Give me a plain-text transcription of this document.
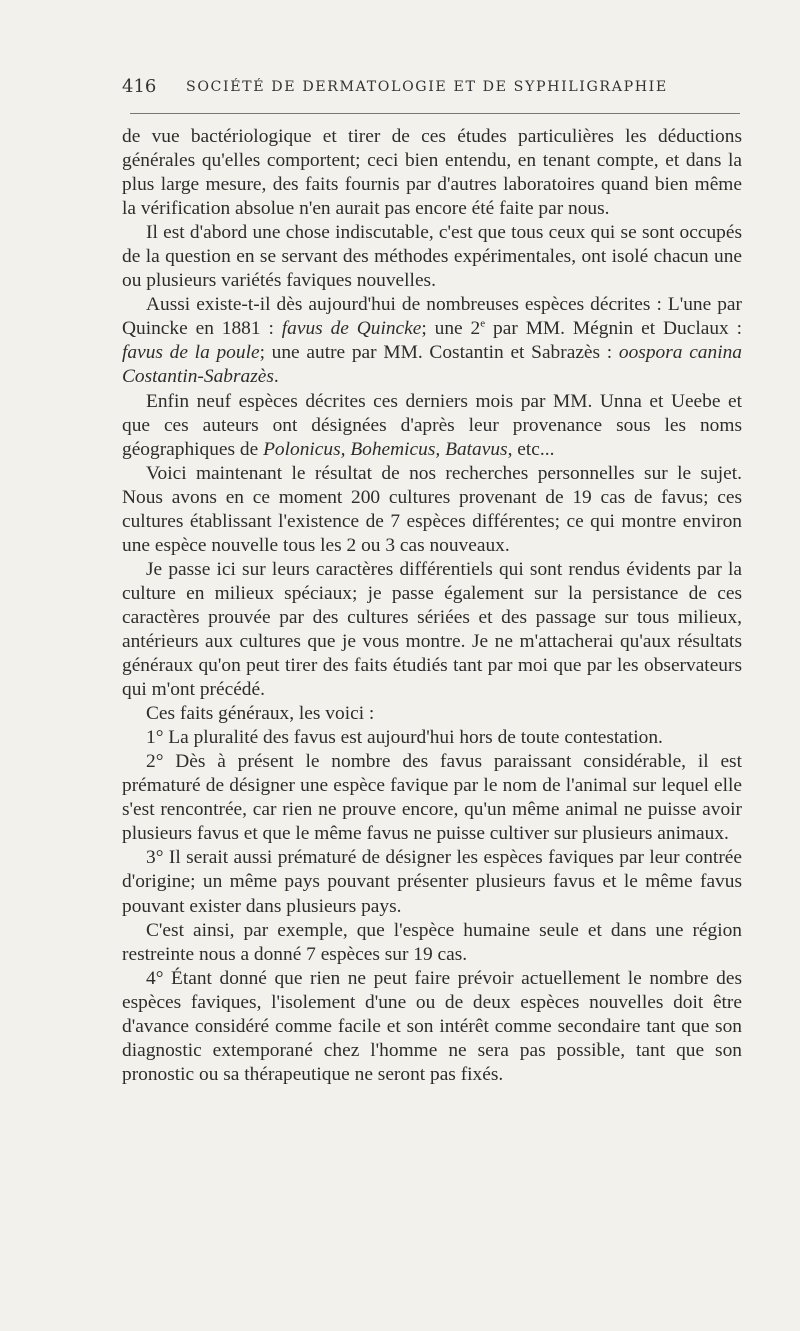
416 SOCIÉTÉ DE DERMATOLOGIE ET DE SYPHILIGRAPHIE

de vue bactériologique et tirer de ces études particulières les déductions générales qu'elles comportent; ceci bien entendu, en tenant compte, et dans la plus large mesure, des faits fournis par d'autres laboratoires quand bien même la vérification absolue n'en aurait pas encore été faite par nous.

Il est d'abord une chose indiscutable, c'est que tous ceux qui se sont occupés de la question en se servant des méthodes expérimentales, ont isolé chacun une ou plusieurs variétés faviques nouvelles.

Aussi existe-t-il dès aujourd'hui de nombreuses espèces décrites : L'une par Quincke en 1881 : favus de Quincke; une 2e par MM. Mégnin et Duclaux : favus de la poule; une autre par MM. Costantin et Sabrazès : oospora canina Costantin-Sabrazès.

Enfin neuf espèces décrites ces derniers mois par MM. Unna et Ueebe et que ces auteurs ont désignées d'après leur provenance sous les noms géographiques de Polonicus, Bohemicus, Batavus, etc...

Voici maintenant le résultat de nos recherches personnelles sur le sujet. Nous avons en ce moment 200 cultures provenant de 19 cas de favus; ces cultures établissant l'existence de 7 espèces différentes; ce qui montre environ une espèce nouvelle tous les 2 ou 3 cas nouveaux.

Je passe ici sur leurs caractères différentiels qui sont rendus évidents par la culture en milieux spéciaux; je passe également sur la persistance de ces caractères prouvée par des cultures sériées et des passage sur tous milieux, antérieurs aux cultures que je vous montre. Je ne m'attacherai qu'aux résultats généraux qu'on peut tirer des faits étudiés tant par moi que par les observateurs qui m'ont précédé.

Ces faits généraux, les voici :

1° La pluralité des favus est aujourd'hui hors de toute contestation.

2° Dès à présent le nombre des favus paraissant considérable, il est prématuré de désigner une espèce favique par le nom de l'animal sur lequel elle s'est rencontrée, car rien ne prouve encore, qu'un même animal ne puisse avoir plusieurs favus et que le même favus ne puisse cultiver sur plusieurs animaux.

3° Il serait aussi prématuré de désigner les espèces faviques par leur contrée d'origine; un même pays pouvant présenter plusieurs favus et le même favus pouvant exister dans plusieurs pays.

C'est ainsi, par exemple, que l'espèce humaine seule et dans une région restreinte nous a donné 7 espèces sur 19 cas.

4° Étant donné que rien ne peut faire prévoir actuellement le nombre des espèces faviques, l'isolement d'une ou de deux espèces nouvelles doit être d'avance considéré comme facile et son intérêt comme secondaire tant que son diagnostic extemporané chez l'homme ne sera pas possible, tant que son pronostic ou sa thérapeutique ne seront pas fixés.
